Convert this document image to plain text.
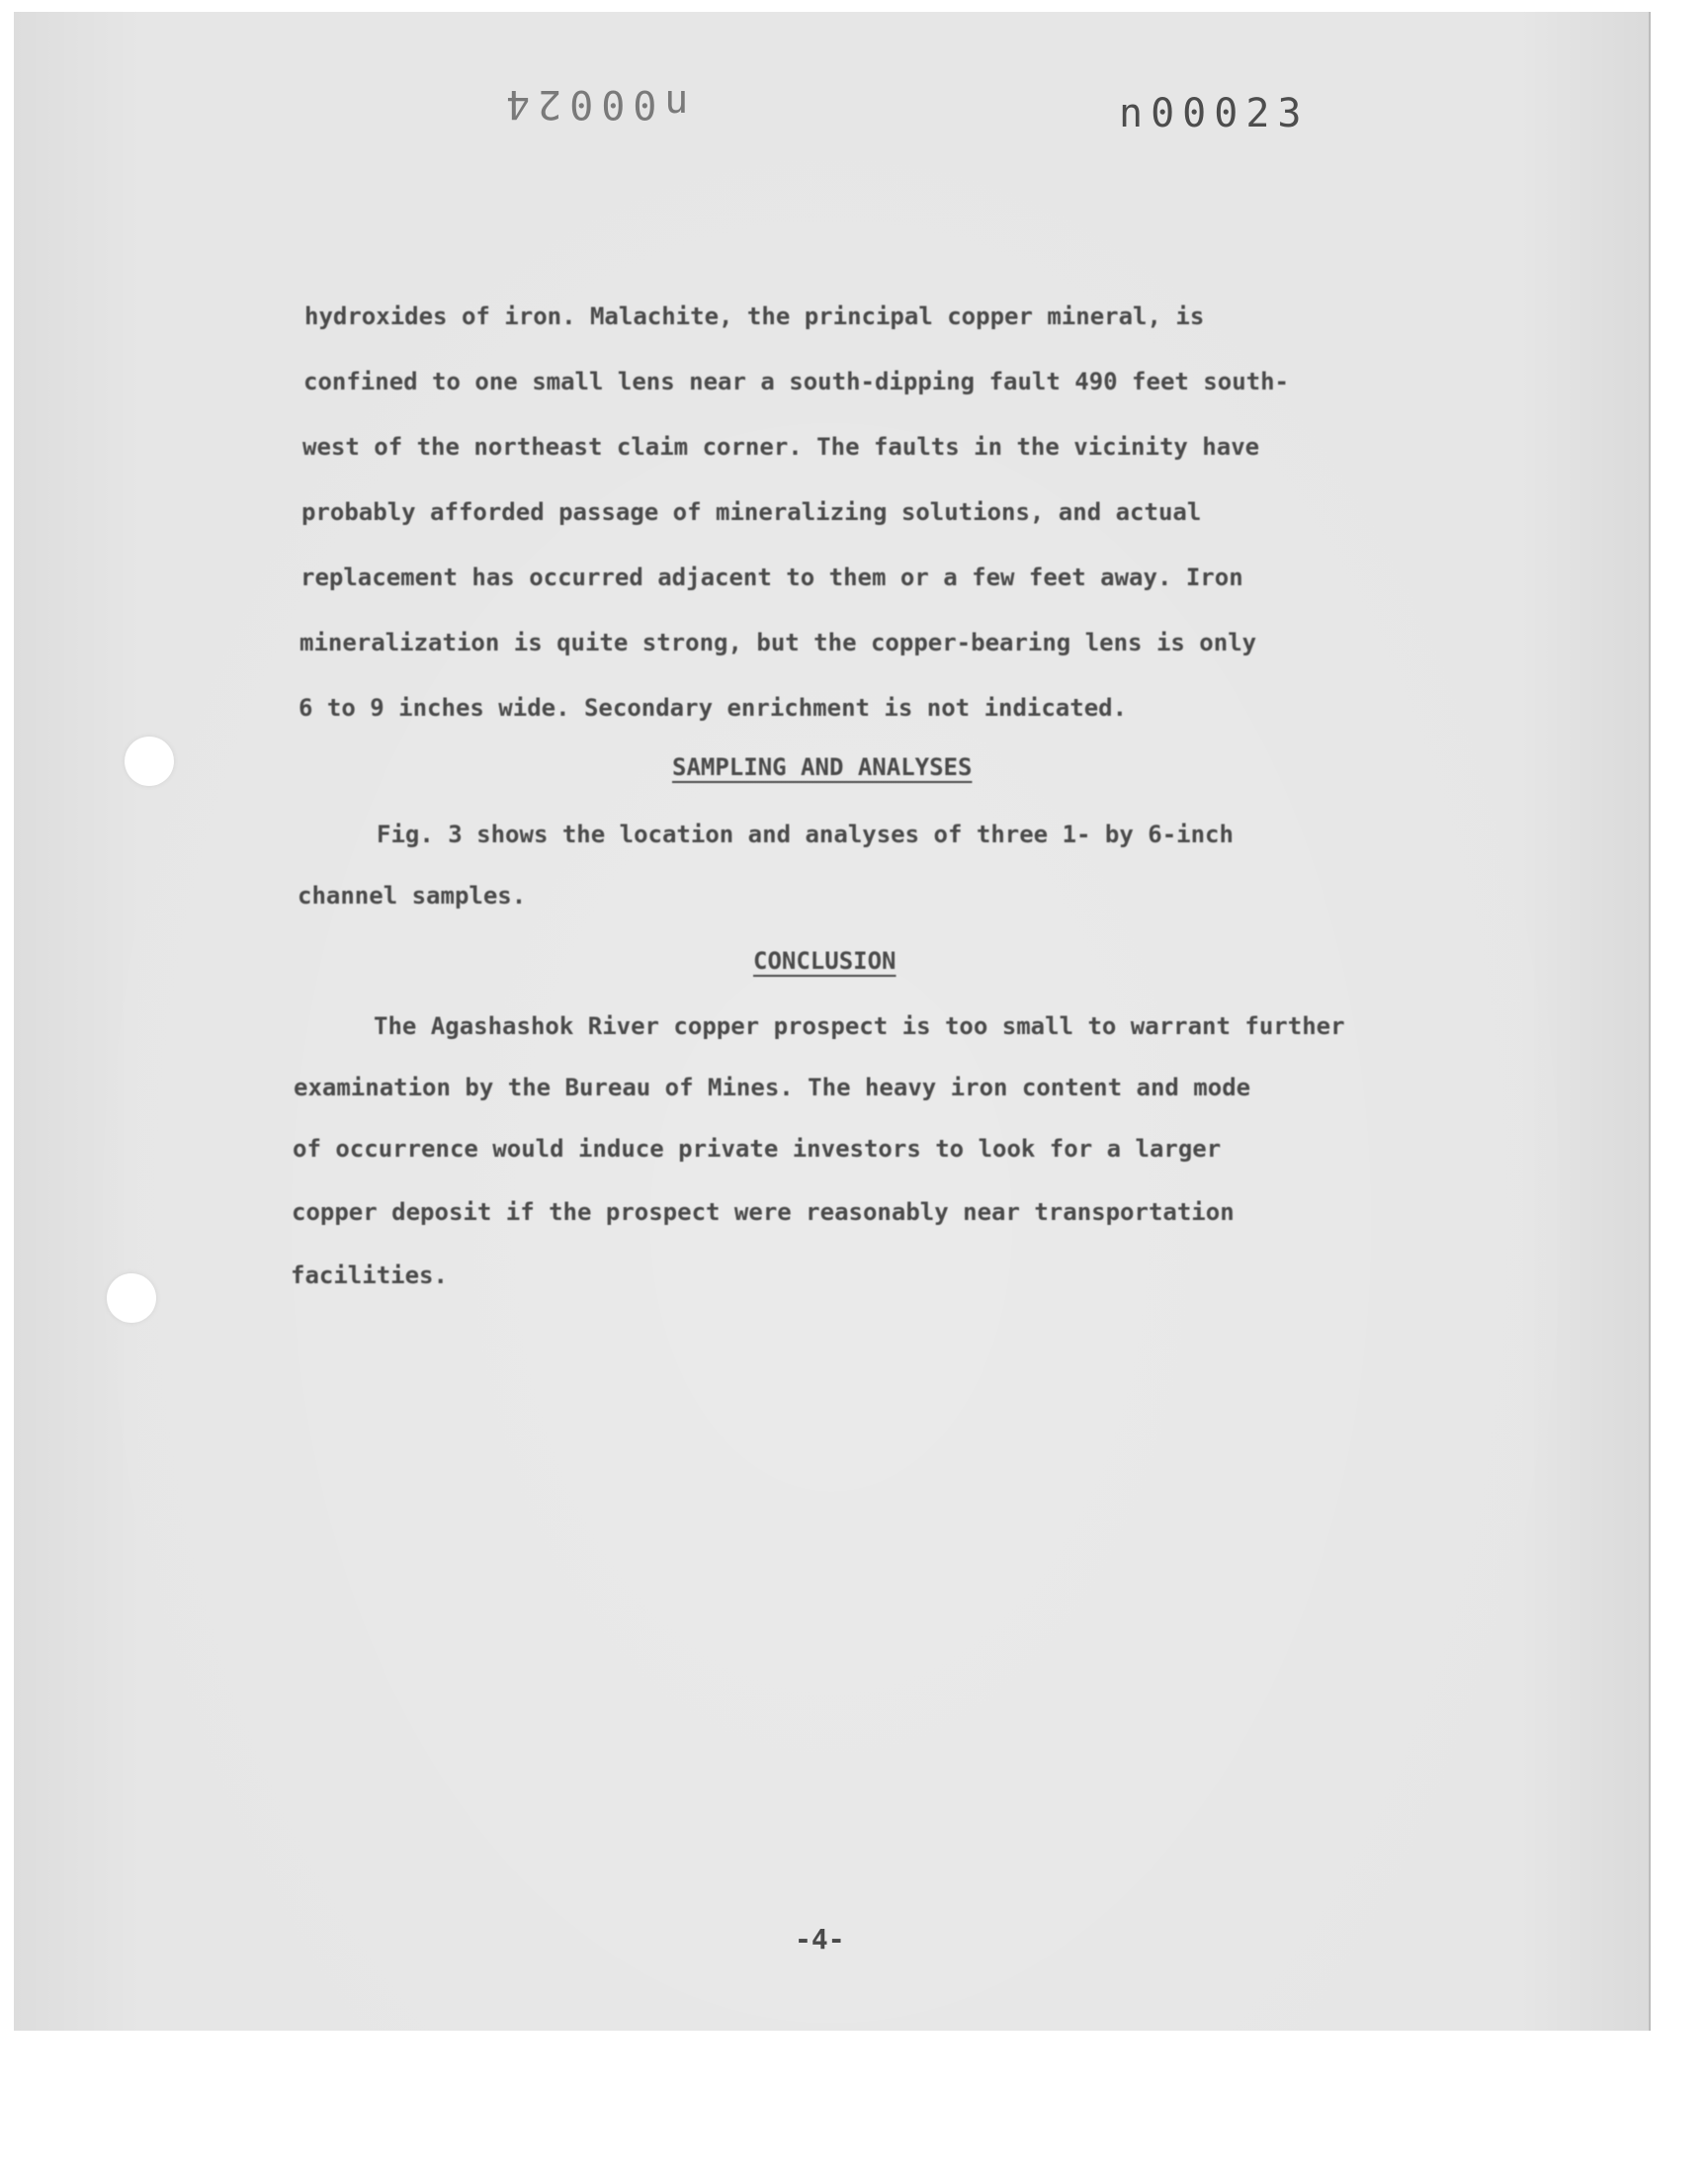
n00024	n00023
hydroxides of iron. Malachite, the principal copper mineral, is
confined to one small lens near a south-dipping fault 490 feet south-
west of the northeast claim corner. The faults in the vicinity have
probably afforded passage of mineralizing solutions, and actual
replacement has occurred adjacent to them or a few feet away. Iron
mineralization is quite strong, but the copper-bearing lens is only
6 to 9 inches wide. Secondary enrichment is not indicated.
SAMPLING AND ANALYSES
Fig. 3 shows the location and analyses of three 1- by 6-inch
channel samples.
CONCLUSION
The Agashashok River copper prospect is too small to warrant further
examination by the Bureau of Mines. The heavy iron content and mode
of occurrence would induce private investors to look for a larger
copper deposit if the prospect were reasonably near transportation
facilities.
-4-
